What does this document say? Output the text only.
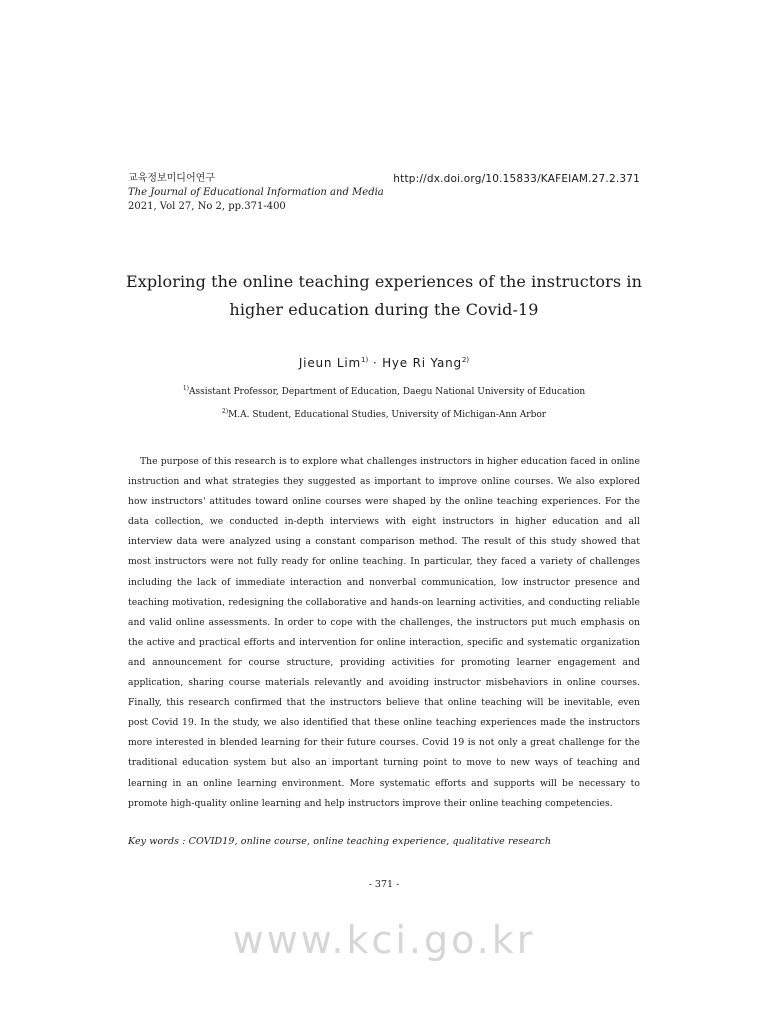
교육정보미디어연구
The Journal of Educational Information and Media
2021, Vol 27, No 2, pp.371-400
http://dx.doi.org/10.15833/KAFEIAM.27.2.371
Exploring the online teaching experiences of the instructors in
higher education during the Covid-19
Jieun Lim$^{1)}$ · Hye Ri Yang$^{2)}$
$^{1)}$Assistant Professor, Department of Education, Daegu National University of Education
$^{2)}$M.A. Student, Educational Studies, University of Michigan-Ann Arbor
The purpose of this research is to explore what challenges instructors in higher education faced in online instruction and what strategies they suggested as important to improve online courses. We also explored how instructors' attitudes toward online courses were shaped by the online teaching experiences. For the data collection, we conducted in-depth interviews with eight instructors in higher education and all interview data were analyzed using a constant comparison method. The result of this study showed that most instructors were not fully ready for online teaching. In particular, they faced a variety of challenges including the lack of immediate interaction and nonverbal communication, low instructor presence and teaching motivation, redesigning the collaborative and hands-on learning activities, and conducting reliable and valid online assessments. In order to cope with the challenges, the instructors put much emphasis on the active and practical efforts and intervention for online interaction, specific and systematic organization and announcement for course structure, providing activities for promoting learner engagement and application, sharing course materials relevantly and avoiding instructor misbehaviors in online courses. Finally, this research confirmed that the instructors believe that online teaching will be inevitable, even post Covid 19. In the study, we also identified that these online teaching experiences made the instructors more interested in blended learning for their future courses. Covid 19 is not only a great challenge for the traditional education system but also an important turning point to move to new ways of teaching and learning in an online learning environment. More systematic efforts and supports will be necessary to promote high-quality online learning and help instructors improve their online teaching competencies.
Key words : COVID19, online course, online teaching experience, qualitative research
- 371 -
www.kci.go.kr
